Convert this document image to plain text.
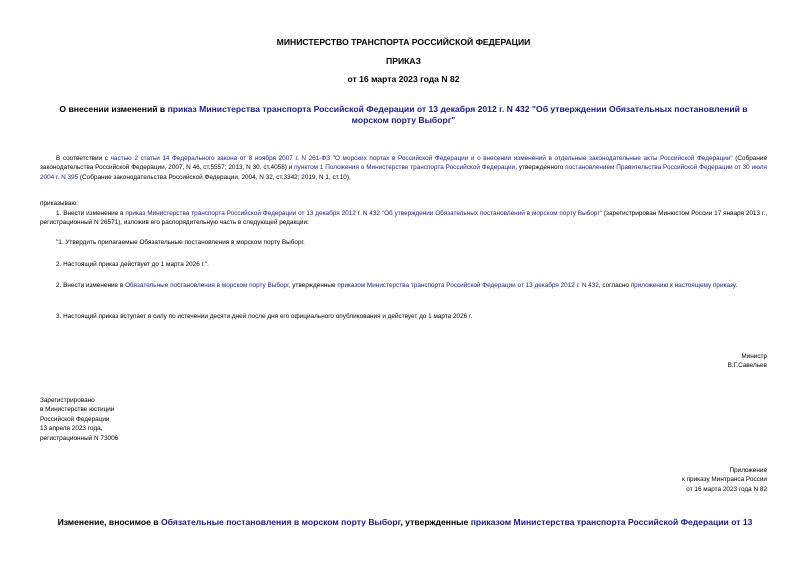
МИНИСТЕРСТВО ТРАНСПОРТА РОССИЙСКОЙ ФЕДЕРАЦИИ
ПРИКАЗ
от 16 марта 2023 года N 82
О внесении изменений в приказ Министерства транспорта Российской Федерации от 13 декабря 2012 г. N 432 "Об утверждении Обязательных постановлений в морском порту Выборг"
В соответствии с частью 2 статьи 14 Федерального закона от 8 ноября 2007 г. N 261-ФЗ "О морских портах в Российской Федерации и о внесении изменений в отдельные законодательные акты Российской Федерации" (Собрание законодательства Российской Федерации, 2007, N 46, ст.5557; 2013, N 30, ст.4058) и пунктом 1 Положения о Министерстве транспорта Российской Федерации, утвержденного постановлением Правительства Российской Федерации от 30 июля 2004 г. N 395 (Собрание законодательства Российской Федерации, 2004, N 32, ст.3342; 2019, N 1, ст.10),
приказываю:
1. Внести изменение в приказ Министерства транспорта Российской Федерации от 13 декабря 2012 г. N 432 "Об утверждении Обязательных постановлений в морском порту Выборг" (зарегистрирован Минюстом России 17 января 2013 г., регистрационный N 26571), изложив его распорядительную часть в следующей редакции:
"1. Утвердить прилагаемые Обязательные постановления в морском порту Выборг.
2. Настоящий приказ действует до 1 марта 2026 г.".
2. Внести изменение в Обязательные постановления в морском порту Выборг, утвержденные приказом Министерства транспорта Российской Федерации от 13 декабря 2012 г. N 432, согласно приложению к настоящему приказу.
3. Настоящий приказ вступает в силу по истечении десяти дней после дня его официального опубликования и действует до 1 марта 2026 г.
Министр
В.Г.Савельев
Зарегистрировано
в Министерстве юстиции
Российской Федерации
13 апреля 2023 года,
регистрационный N 73006
Приложение
к приказу Минтранса России
от 16 марта 2023 года N 82
Изменение, вносимое в Обязательные постановления в морском порту Выборг, утвержденные приказом Министерства транспорта Российской Федерации от 13
